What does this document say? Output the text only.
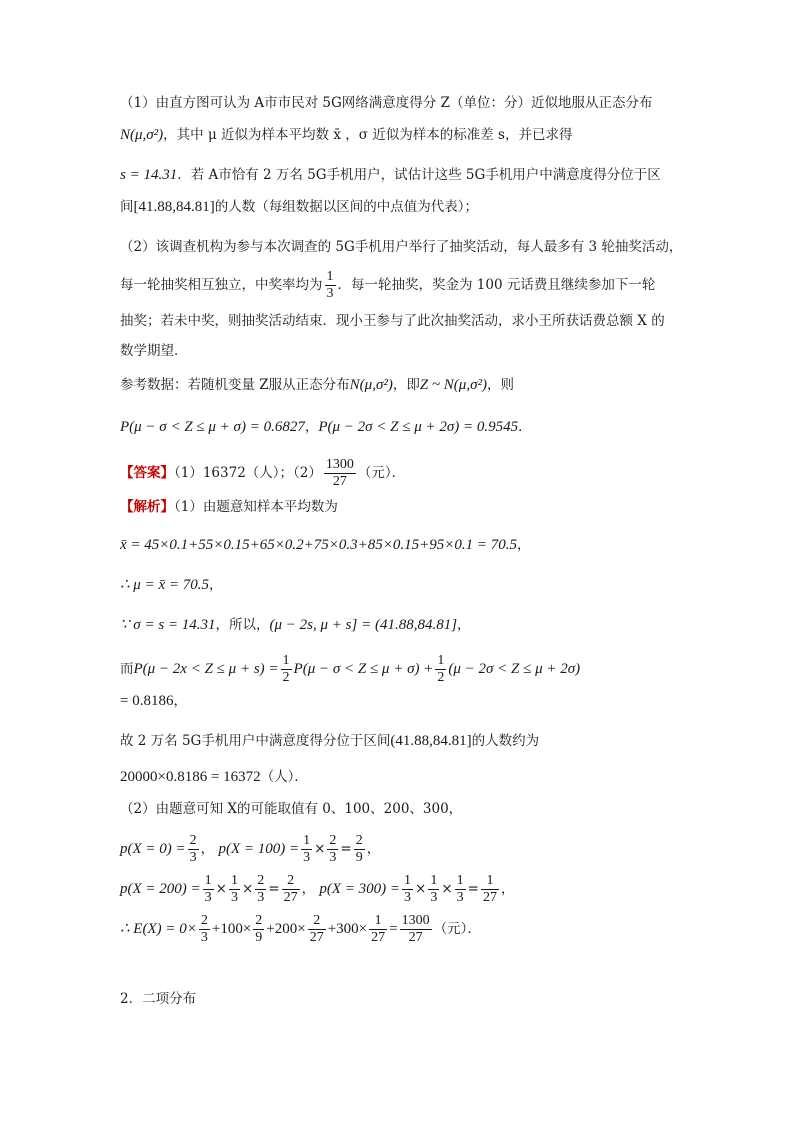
（1）由直方图可认为 A市市民对 5G网络满意度得分 Z（单位：分）近似地服从正态分布
N(μ,σ²)，其中 μ 近似为样本平均数 x̄ ，σ 近似为样本的标准差 s，并已求得
s = 14.31．若 A市恰有 2 万名 5G手机用户，试估计这些 5G手机用户中满意度得分位于区
间[41.88,84.81]的人数（每组数据以区间的中点值为代表）；
（2）该调查机构为参与本次调查的 5G手机用户举行了抽奖活动，每人最多有 3 轮抽奖活动，
每一轮抽奖相互独立，中奖率均为 $\frac{1}{3}$ ．每一轮抽奖，奖金为 100 元话费且继续参加下一轮
抽奖；若未中奖，则抽奖活动结束．现小王参与了此次抽奖活动，求小王所获话费总额 X 的
数学期望．
参考数据：若随机变量 Z服从正态分布N(μ,σ²)，即Z ~ N(μ,σ²)，则
P(μ − σ < Z ≤ μ + σ) = 0.6827，P(μ − 2σ < Z ≤ μ + 2σ) = 0.9545．
【答案】（1）16372（人）；$(2) \frac{1300}{27}$ （元）．
【解析】（1）由题意知样本平均数为
x̄ = 45×0.1+55×0.15+65×0.2+75×0.3+85×0.15+95×0.1 = 70.5，
∴ μ = x̄ = 70.5，
∵ σ = s = 14.31，所以，(μ − 2s, μ + s] = (41.88,84.81]，
而$P(\mu - 2x < Z \le \mu + s) = \frac{1}{2} P(\mu - \sigma < Z \le \mu + \sigma) + \frac{1}{2} (\mu - 2\sigma < Z \le \mu + 2\sigma)$
= 0.8186，
故 2 万名 5G手机用户中满意度得分位于区间(41.88,84.81]的人数约为
20000×0.8186 = 16372（人）．
（2）由题意可知 X的可能取值有 0、100、200、300，
$p(X = 0) = \frac{2}{3}$ ， $p(X = 100) = \frac{1}{3} \times \frac{2}{3} = \frac{2}{9}$ ，
$p(X = 200) = \frac{1}{3} \times \frac{1}{3} \times \frac{2}{3} = \frac{2}{27}$ ， $p(X = 300) = \frac{1}{3} \times \frac{1}{3} \times \frac{1}{3} = \frac{1}{27}$ ，
∴ $E(X) = 0\times \frac{2}{3} +100\times \frac{2}{9} +200\times \frac{2}{27} +300\times \frac{1}{27} = \frac{1300}{27}$ （元）．
2．二项分布
